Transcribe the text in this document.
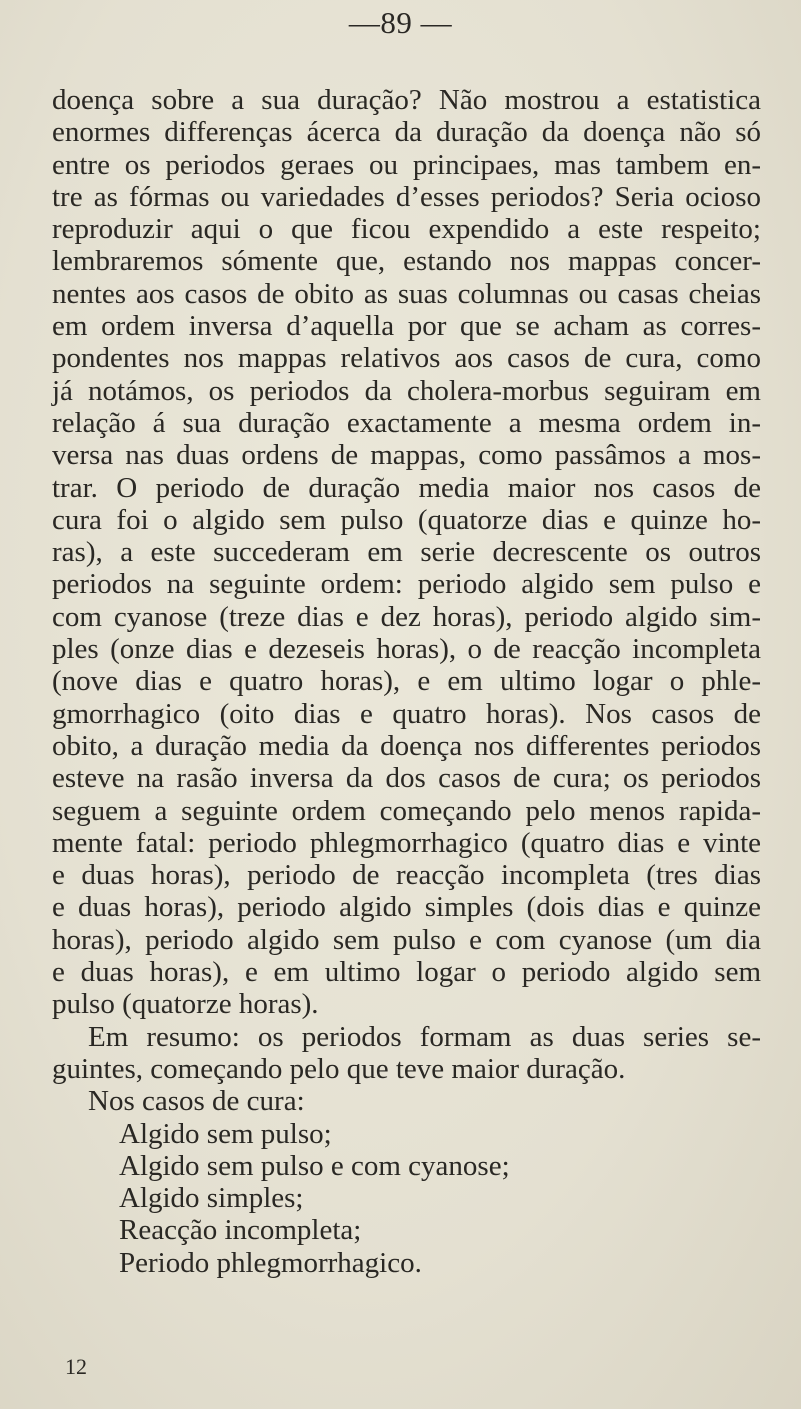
—89 —
doença sobre a sua duração? Não mostrou a estatistica
enormes differenças ácerca da duração da doença não só
entre os periodos geraes ou principaes, mas tambem en-
tre as fórmas ou variedades d’esses periodos? Seria ocioso
reproduzir aqui o que ficou expendido a este respeito;
lembraremos sómente que, estando nos mappas concer-
nentes aos casos de obito as suas columnas ou casas cheias
em ordem inversa d’aquella por que se acham as corres-
pondentes nos mappas relativos aos casos de cura, como
já notámos, os periodos da cholera-morbus seguiram em
relação á sua duração exactamente a mesma ordem in-
versa nas duas ordens de mappas, como passâmos a mos-
trar. O periodo de duração media maior nos casos de
cura foi o algido sem pulso (quatorze dias e quinze ho-
ras), a este succederam em serie decrescente os outros
periodos na seguinte ordem: periodo algido sem pulso e
com cyanose (treze dias e dez horas), periodo algido sim-
ples (onze dias e dezeseis horas), o de reacção incompleta
(nove dias e quatro horas), e em ultimo logar o phle-
gmorrhagico (oito dias e quatro horas). Nos casos de
obito, a duração media da doença nos differentes periodos
esteve na rasão inversa da dos casos de cura; os periodos
seguem a seguinte ordem começando pelo menos rapida-
mente fatal: periodo phlegmorrhagico (quatro dias e vinte
e duas horas), periodo de reacção incompleta (tres dias
e duas horas), periodo algido simples (dois dias e quinze
horas), periodo algido sem pulso e com cyanose (um dia
e duas horas), e em ultimo logar o periodo algido sem
pulso (quatorze horas).
Em resumo: os periodos formam as duas series se-
guintes, começando pelo que teve maior duração.
Nos casos de cura:
Algido sem pulso;
Algido sem pulso e com cyanose;
Algido simples;
Reacção incompleta;
Periodo phlegmorrhagico.
12
